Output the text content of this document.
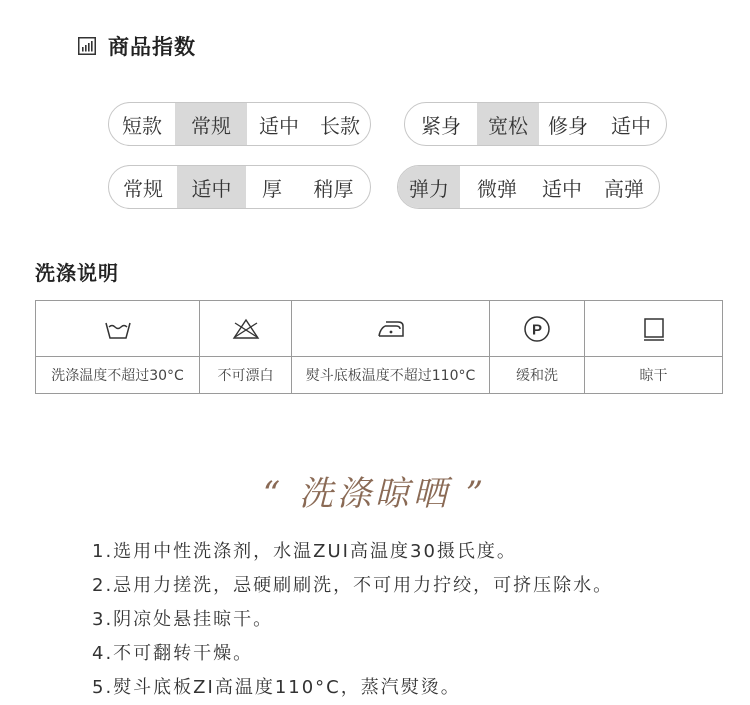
商品指数
短款	常规	适中	长款	紧身	宽松	修身	适中
常规	适中	厚	稍厚	弹力	微弹	适中	高弹
洗涤说明

P

洗涤温度不超过30°C	不可漂白	熨斗底板温度不超过110°C	缓和洗	晾干
“ 洗涤晾晒 ”
1.选用中性洗涤剂，水温ZUI高温度30摄氏度。
2.忌用力搓洗，忌硬刷刷洗，不可用力拧绞，可挤压除水。
3.阴凉处悬挂晾干。
4.不可翻转干燥。
5.熨斗底板ZI高温度110°C，蒸汽熨烫。
